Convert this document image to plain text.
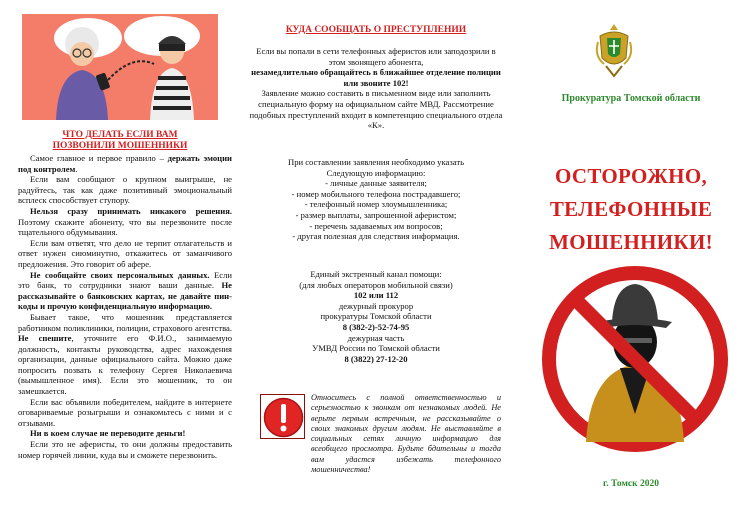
ЧТО ДЕЛАТЬ ЕСЛИ ВАМ
ПОЗВОНИЛИ МОШЕННИКИ

Самое главное и первое правило – держать эмоции под контролем.

Если вам сообщают о крупном выигрыше, не радуйтесь, так как даже позитивный эмоциональный всплеск способствует ступору.

Нельзя сразу принимать никакого решения. Поэтому скажите абоненту, что вы перезвоните после тщательного обдумывания.

Если вам ответят, что дело не терпит отлагательств и ответ нужен сиюминутно, откажитесь от заманчивого предложения. Это говорит об афере.

Не сообщайте своих персональных данных. Если это банк, то сотрудники знают ваши данные. Не рассказывайте о банковских картах, не давайте пин-коды и прочую конфиденциальную информацию.

Бывает такое, что мошенник представляется работником поликлиники, полиции, страхового агентства. Не спешите, уточните его Ф.И.О., занимаемую должность, контакты руководства, адрес нахождения организации, данные официального сайта. Можно даже попросить позвать к телефону Сергея Николаевича (вымышленное имя). Если это мошенник, то он замешкается.

Если вас объявили победителем, найдите в интернете оговариваемые розыгрыши и ознакомьтесь с ними и с отзывами.

Ни в коем случае не переводите деньги!

Если это не аферисты, то они должны предоставить номер горячей линии, куда вы и сможете перезвонить.

КУДА СООБЩАТЬ О ПРЕСТУПЛЕНИИ
Если вы попали в сети телефонных аферистов или заподозрили в этом звонящего абонента,
незамедлительно обращайтесь в ближайшее отделение полиции или звоните 102!
Заявление можно составить в письменном виде или заполнить специальную форму на официальном сайте МВД. Рассмотрение подобных преступлений входит в компетенцию специального отдела «К».
При составлении заявления необходимо указать Следующую информацию:
- личные данные заявителя;
- номер мобильного телефона пострадавшего;
- телефонный номер злоумышленника;
- размер выплаты, запрошенной аферистом;
- перечень задаваемых им вопросов;
- другая полезная для следствия информация.
Единый экстренный канал помощи:
(для любых операторов мобильной связи)
102 или 112
дежурный прокурор
прокуратуры Томской области
8 (382-2)-52-74-95
дежурная часть
УМВД России по Томской области
8 (3822) 27-12-20
Относитесь с полной ответственностью и серьезностью к звонкам от незнакомых людей. Не верьте первым встречным, не рассказывайте о своих знакомых другим людям. Не выставляйте в социальных сетях личную информацию для всеобщего просмотра. Будьте бдительны и тогда вам удастся избежать телефонного мошенничества!
Прокуратура Томской области
ОСТОРОЖНО,
ТЕЛЕФОННЫЕ
МОШЕННИКИ!
г. Томск 2020
